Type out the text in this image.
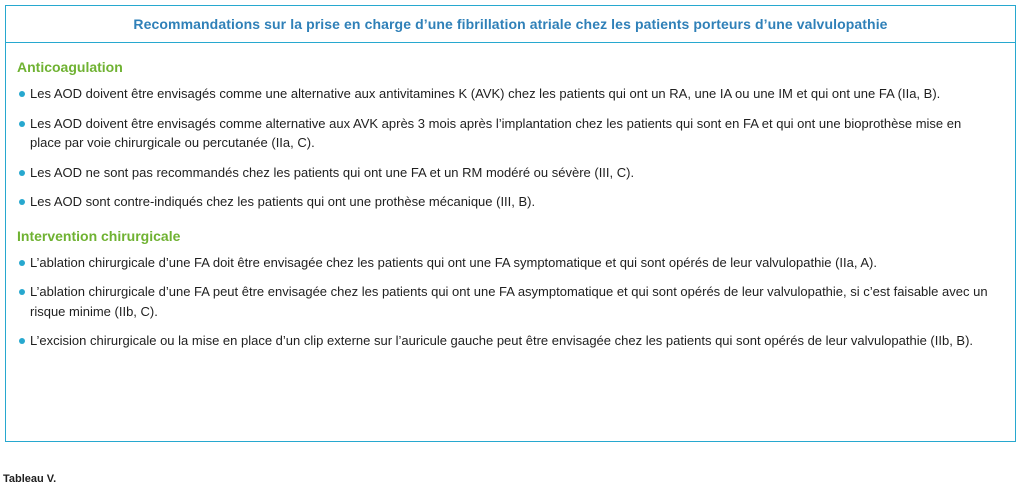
Recommandations sur la prise en charge d’une fibrillation atriale chez les patients porteurs d’une valvulopathie
Anticoagulation
Les AOD doivent être envisagés comme une alternative aux antivitamines K (AVK) chez les patients qui ont un RA, une IA ou une IM et qui ont une FA (IIa, B).
Les AOD doivent être envisagés comme alternative aux AVK après 3 mois après l’implantation chez les patients qui sont en FA et qui ont une bioprothèse mise en place par voie chirurgicale ou percutanée (IIa, C).
Les AOD ne sont pas recommandés chez les patients qui ont une FA et un RM modéré ou sévère (III, C).
Les AOD sont contre-indiqués chez les patients qui ont une prothèse mécanique (III, B).
Intervention chirurgicale
L’ablation chirurgicale d’une FA doit être envisagée chez les patients qui ont une FA symptomatique et qui sont opérés de leur valvulopathie (IIa, A).
L’ablation chirurgicale d’une FA peut être envisagée chez les patients qui ont une FA asymptomatique et qui sont opérés de leur valvulopathie, si c’est faisable avec un risque minime (IIb, C).
L’excision chirurgicale ou la mise en place d’un clip externe sur l’auricule gauche peut être envisagée chez les patients qui sont opérés de leur valvulopathie (IIb, B).
Tableau V.
